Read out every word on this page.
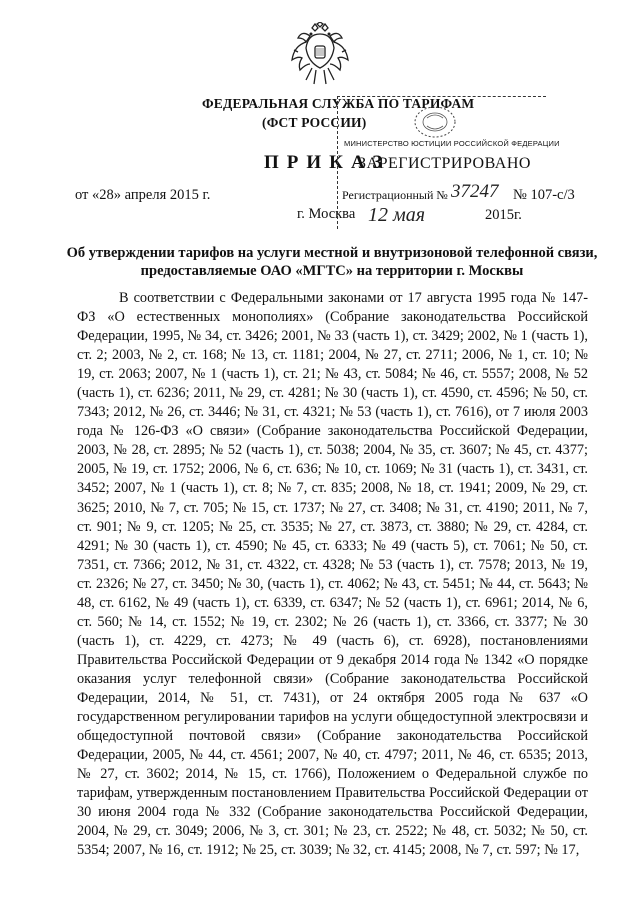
ФЕДЕРАЛЬНАЯ СЛУЖБА ПО ТАРИФАМ
(ФСТ РОССИИ)
ПРИКАЗ
от «28» апреля 2015 г.	№ 107-с/3
г. Москва
МИНИСТЕРСТВО ЮСТИЦИИ РОССИЙСКОЙ ФЕДЕРАЦИИ
ЗАРЕГИСТРИРОВАНО
Регистрационный № 37247
12 мая	2015г.
Об утверждении тарифов на услуги местной и внутризоновой телефонной связи, предоставляемые ОАО «МГТС» на территории г. Москвы
В соответствии с Федеральными законами от 17 августа 1995 года № 147-ФЗ «О естественных монополиях» (Собрание законодательства Российской Федерации, 1995, № 34, ст. 3426; 2001, № 33 (часть 1), ст. 3429; 2002, № 1 (часть 1), ст. 2; 2003, № 2, ст. 168; № 13, ст. 1181; 2004, № 27, ст. 2711; 2006, № 1, ст. 10; № 19, ст. 2063; 2007, № 1 (часть 1), ст. 21; № 43, ст. 5084; № 46, ст. 5557; 2008, № 52 (часть 1), ст. 6236; 2011, № 29, ст. 4281; № 30 (часть 1), ст. 4590, ст. 4596; № 50, ст. 7343; 2012, № 26, ст. 3446; № 31, ст. 4321; № 53 (часть 1), ст. 7616), от 7 июля 2003 года № 126-ФЗ «О связи» (Собрание законодательства Российской Федерации, 2003, № 28, ст. 2895; № 52 (часть 1), ст. 5038; 2004, № 35, ст. 3607; № 45, ст. 4377; 2005, № 19, ст. 1752; 2006, № 6, ст. 636; № 10, ст. 1069; № 31 (часть 1), ст. 3431, ст. 3452; 2007, № 1 (часть 1), ст. 8; № 7, ст. 835; 2008, № 18, ст. 1941; 2009, № 29, ст. 3625; 2010, № 7, ст. 705; № 15, ст. 1737; № 27, ст. 3408; № 31, ст. 4190; 2011, № 7, ст. 901; № 9, ст. 1205; № 25, ст. 3535; № 27, ст. 3873, ст. 3880; № 29, ст. 4284, ст. 4291; № 30 (часть 1), ст. 4590; № 45, ст. 6333; № 49 (часть 5), ст. 7061; № 50, ст. 7351, ст. 7366; 2012, № 31, ст. 4322, ст. 4328; № 53 (часть 1), ст. 7578; 2013, № 19, ст. 2326; № 27, ст. 3450; № 30, (часть 1), ст. 4062; № 43, ст. 5451; № 44, ст. 5643; № 48, ст. 6162, № 49 (часть 1), ст. 6339, ст. 6347; № 52 (часть 1), ст. 6961; 2014, № 6, ст. 560; № 14, ст. 1552; № 19, ст. 2302; № 26 (часть 1), ст. 3366, ст. 3377; № 30 (часть 1), ст. 4229, ст. 4273; № 49 (часть 6), ст. 6928), постановлениями Правительства Российской Федерации от 9 декабря 2014 года № 1342 «О порядке оказания услуг телефонной связи» (Собрание законодательства Российской Федерации, 2014, № 51, ст. 7431), от 24 октября 2005 года № 637 «О государственном регулировании тарифов на услуги общедоступной электросвязи и общедоступной почтовой связи» (Собрание законодательства Российской Федерации, 2005, № 44, ст. 4561; 2007, № 40, ст. 4797; 2011, № 46, ст. 6535; 2013, № 27, ст. 3602; 2014, № 15, ст. 1766), Положением о Федеральной службе по тарифам, утвержденным постановлением Правительства Российской Федерации от 30 июня 2004 года № 332 (Собрание законодательства Российской Федерации, 2004, № 29, ст. 3049; 2006, № 3, ст. 301; № 23, ст. 2522; № 48, ст. 5032; № 50, ст. 5354; 2007, № 16, ст. 1912; № 25, ст. 3039; № 32, ст. 4145; 2008, № 7, ст. 597; № 17,
